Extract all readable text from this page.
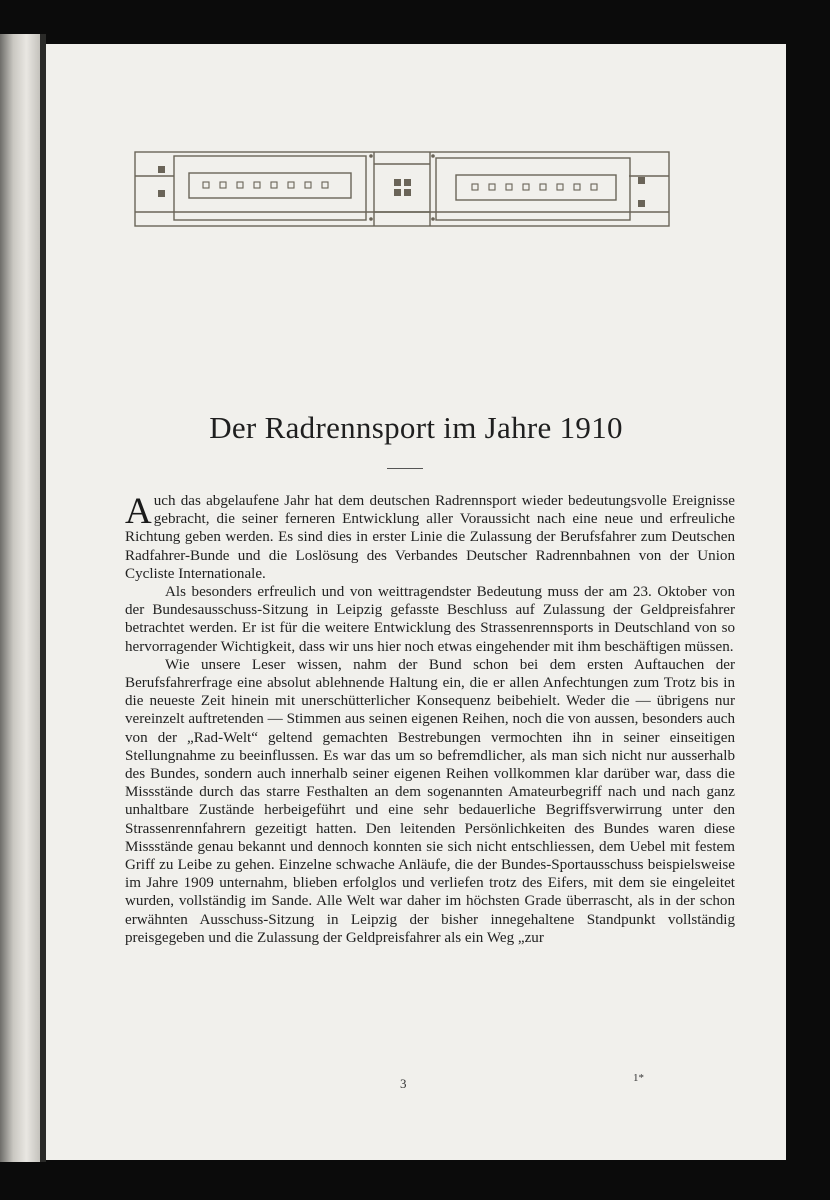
Der Radrennsport im Jahre 1910

Auch das abgelaufene Jahr hat dem deutschen Radrennsport wieder bedeutungsvolle Ereignisse gebracht, die seiner ferneren Entwicklung aller Voraussicht nach eine neue und erfreuliche Richtung geben werden. Es sind dies in erster Linie die Zulassung der Berufsfahrer zum Deutschen Radfahrer-Bunde und die Loslösung des Verbandes Deutscher Radrennbahnen von der Union Cycliste Internationale.

Als besonders erfreulich und von weittragendster Bedeutung muss der am 23. Oktober von der Bundesausschuss-Sitzung in Leipzig gefasste Beschluss auf Zulassung der Geldpreisfahrer betrachtet werden. Er ist für die weitere Entwicklung des Strassenrennsports in Deutschland von so hervorragender Wichtigkeit, dass wir uns hier noch etwas eingehender mit ihm beschäftigen müssen.

Wie unsere Leser wissen, nahm der Bund schon bei dem ersten Auftauchen der Berufsfahrerfrage eine absolut ablehnende Haltung ein, die er allen Anfechtungen zum Trotz bis in die neueste Zeit hinein mit unerschütterlicher Konsequenz beibehielt. Weder die — übrigens nur vereinzelt auftretenden — Stimmen aus seinen eigenen Reihen, noch die von aussen, besonders auch von der „Rad-Welt“ geltend gemachten Bestrebungen vermochten ihn in seiner einseitigen Stellungnahme zu beeinflussen. Es war das um so befremdlicher, als man sich nicht nur ausserhalb des Bundes, sondern auch innerhalb seiner eigenen Reihen vollkommen klar darüber war, dass die Missstände durch das starre Festhalten an dem sogenannten Amateurbegriff nach und nach ganz unhaltbare Zustände herbeigeführt und eine sehr bedauerliche Begriffsverwirrung unter den Strassenrennfahrern gezeitigt hatten. Den leitenden Persönlichkeiten des Bundes waren diese Missstände genau bekannt und dennoch konnten sie sich nicht entschliessen, dem Uebel mit festem Griff zu Leibe zu gehen. Einzelne schwache Anläufe, die der Bundes-Sportausschuss beispielsweise im Jahre 1909 unternahm, blieben erfolglos und verliefen trotz des Eifers, mit dem sie eingeleitet wurden, vollständig im Sande. Alle Welt war daher im höchsten Grade überrascht, als in der schon erwähnten Ausschuss-Sitzung in Leipzig der bisher innegehaltene Standpunkt vollständig preisgegeben und die Zulassung der Geldpreisfahrer als ein Weg „zur

3	1*
